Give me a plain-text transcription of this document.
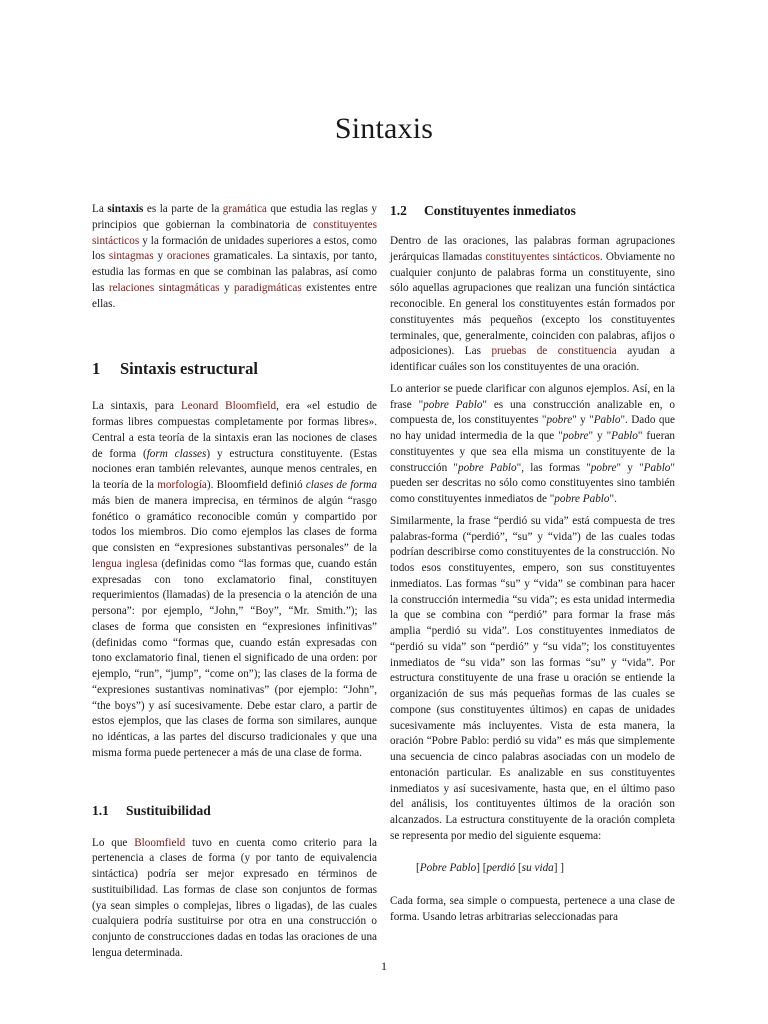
Sintaxis

La sintaxis es la parte de la gramática que estudia las reglas y principios que gobiernan la combinatoria de constituyentes sintácticos y la formación de unidades superiores a estos, como los sintagmas y oraciones gramaticales. La sintaxis, por tanto, estudia las formas en que se combinan las palabras, así como las relaciones sintagmáticas y paradigmáticas existentes entre ellas.

1 Sintaxis estructural

La sintaxis, para Leonard Bloomfield, era «el estudio de formas libres compuestas completamente por formas libres». Central a esta teoría de la sintaxis eran las nociones de clases de forma (form classes) y estructura constituyente. (Estas nociones eran también relevantes, aunque menos centrales, en la teoría de la morfología). Bloomfield definió clases de forma más bien de manera imprecisa, en términos de algún “rasgo fonético o gramático reconocible común y compartido por todos los miembros. Dio como ejemplos las clases de forma que consisten en “expresiones substantivas personales” de la lengua inglesa (definidas como “las formas que, cuando están expresadas con tono exclamatorio final, constituyen requerimientos (llamadas) de la presencia o la atención de una persona”: por ejemplo, “John,” “Boy”, “Mr. Smith.”); las clases de forma que consisten en “expresiones infinitivas” (definidas como “formas que, cuando están expresadas con tono exclamatorio final, tienen el significado de una orden: por ejemplo, “run”, “jump”, “come on”); las clases de la forma de “expresiones sustantivas nominativas” (por ejemplo: “John”, “the boys”) y así sucesivamente. Debe estar claro, a partir de estos ejemplos, que las clases de forma son similares, aunque no idénticas, a las partes del discurso tradicionales y que una misma forma puede pertenecer a más de una clase de forma.

1.1 Sustituibilidad

Lo que Bloomfield tuvo en cuenta como criterio para la pertenencia a clases de forma (y por tanto de equivalencia sintáctica) podría ser mejor expresado en términos de sustituibilidad. Las formas de clase son conjuntos de formas (ya sean simples o complejas, libres o ligadas), de las cuales cualquiera podría sustituirse por otra en una construcción o conjunto de construcciones dadas en todas las oraciones de una lengua determinada.

1.2 Constituyentes inmediatos

Dentro de las oraciones, las palabras forman agrupaciones jerárquicas llamadas constituyentes sintácticos. Obviamente no cualquier conjunto de palabras forma un constituyente, sino sólo aquellas agrupaciones que realizan una función sintáctica reconocible. En general los constituyentes están formados por constituyentes más pequeños (excepto los constituyentes terminales, que, generalmente, coinciden con palabras, afijos o adposiciones). Las pruebas de constituencia ayudan a identificar cuáles son los constituyentes de una oración.

Lo anterior se puede clarificar con algunos ejemplos. Así, en la frase "pobre Pablo" es una construcción analizable en, o compuesta de, los constituyentes "pobre" y "Pablo". Dado que no hay unidad intermedia de la que "pobre" y "Pablo" fueran constituyentes y que sea ella misma un constituyente de la construcción "pobre Pablo", las formas "pobre" y "Pablo" pueden ser descritas no sólo como constituyentes sino también como constituyentes inmediatos de "pobre Pablo".

Similarmente, la frase “perdió su vida” está compuesta de tres palabras-forma (“perdió”, “su” y “vida”) de las cuales todas podrían describirse como constituyentes de la construcción. No todos esos constituyentes, empero, son sus constituyentes inmediatos. Las formas “su” y “vida” se combinan para hacer la construcción intermedia “su vida”; es esta unidad intermedia la que se combina con “perdió” para formar la frase más amplia “perdió su vida”. Los constituyentes inmediatos de “perdió su vida” son “perdió” y “su vida”; los constituyentes inmediatos de “su vida” son las formas “su” y “vida”. Por estructura constituyente de una frase u oración se entiende la organización de sus más pequeñas formas de las cuales se compone (sus constituyentes últimos) en capas de unidades sucesivamente más incluyentes. Vista de esta manera, la oración “Pobre Pablo: perdió su vida” es más que simplemente una secuencia de cinco palabras asociadas con un modelo de entonación particular. Es analizable en sus constituyentes inmediatos y así sucesivamente, hasta que, en el último paso del análisis, los contituyentes últimos de la oración son alcanzados. La estructura constituyente de la oración completa se representa por medio del siguiente esquema:

[Pobre Pablo] [perdió [su vida] ]

Cada forma, sea simple o compuesta, pertenece a una clase de forma. Usando letras arbitrarias seleccionadas para

1
